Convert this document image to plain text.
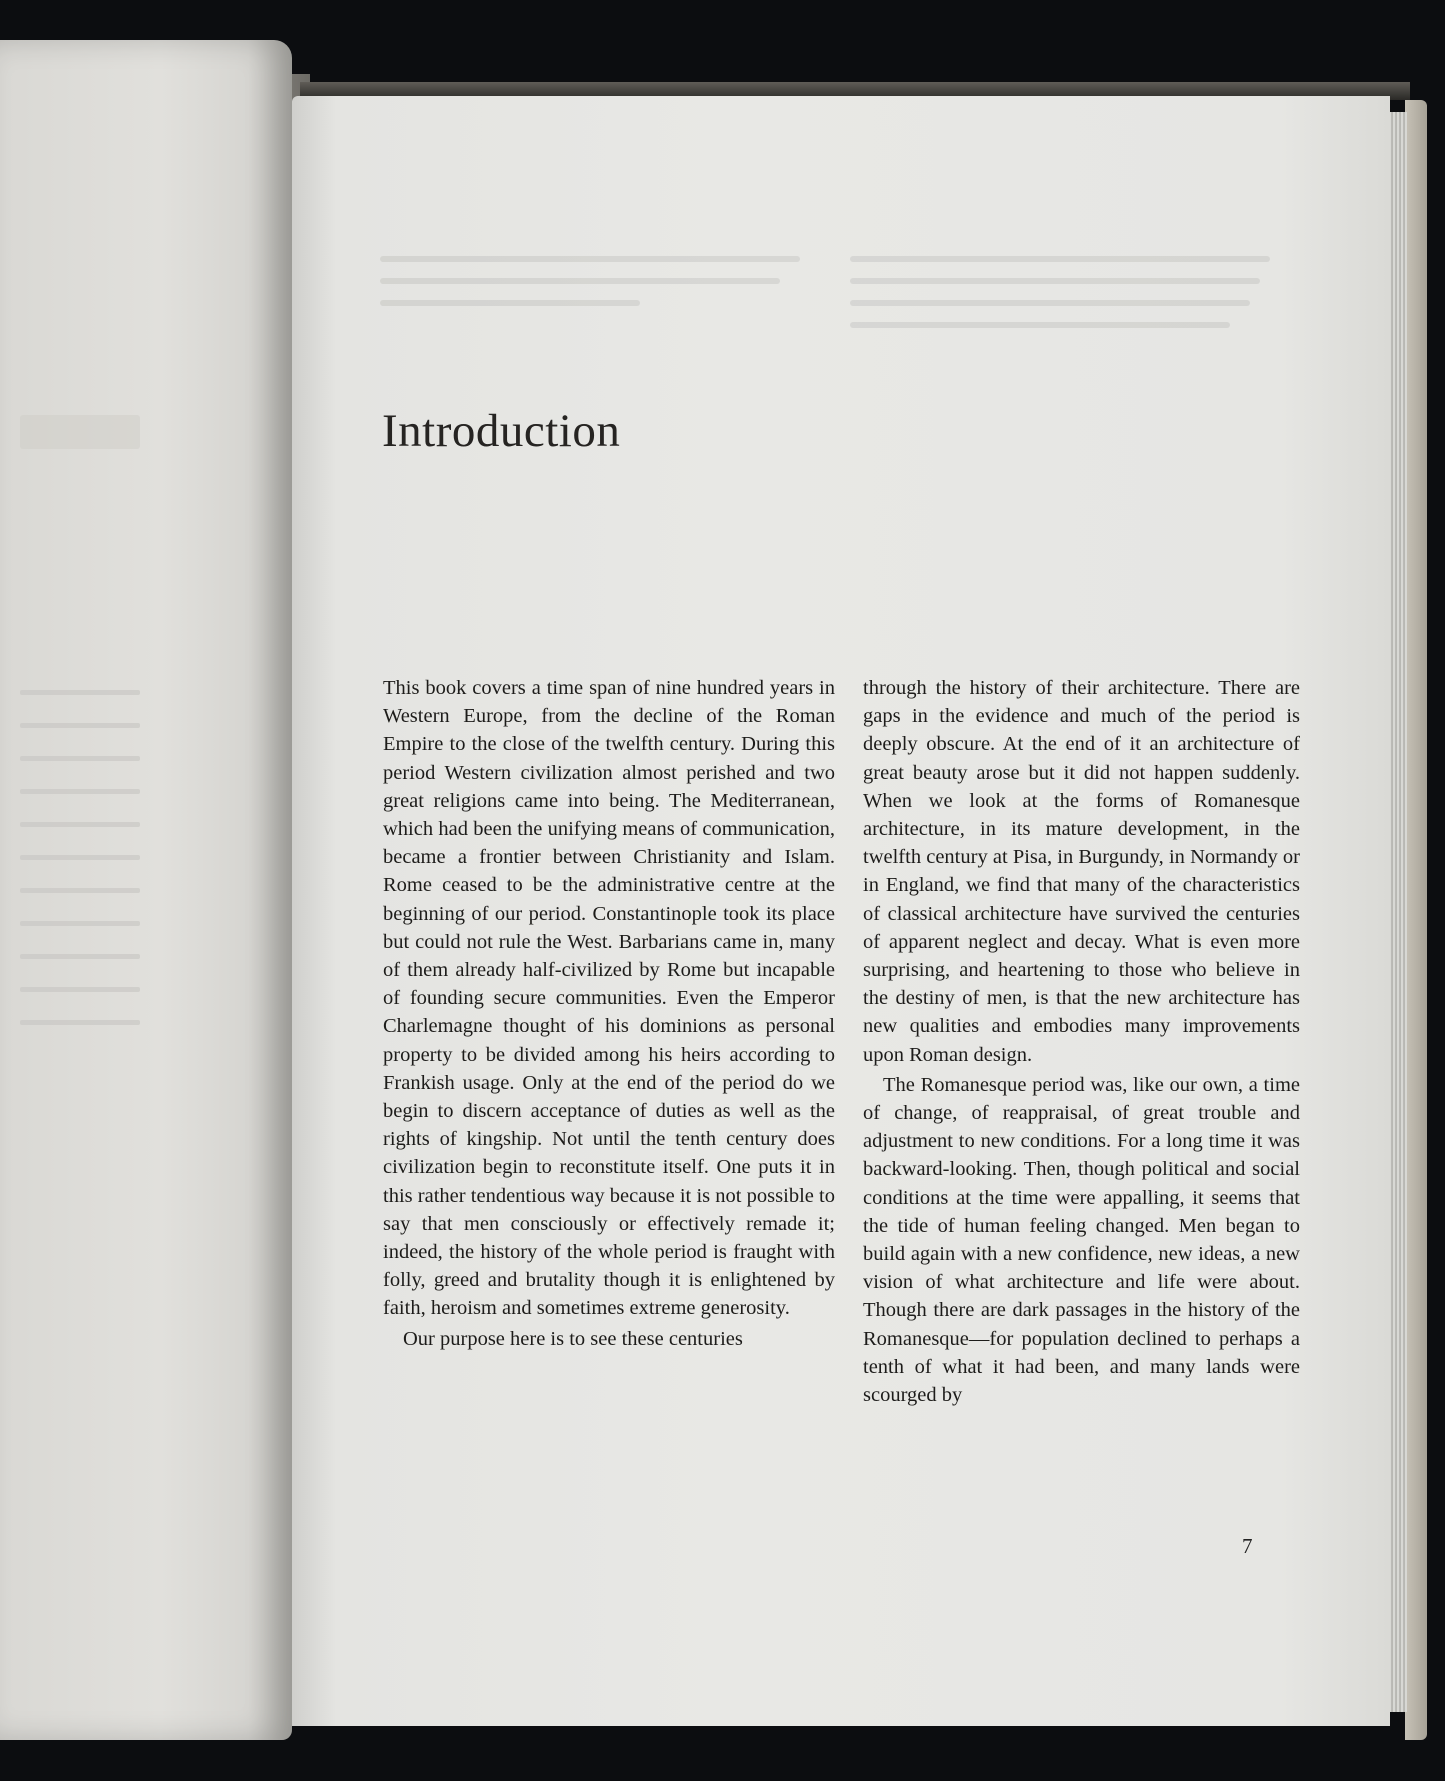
Introduction

This book covers a time span of nine hundred years in Western Europe, from the decline of the Roman Empire to the close of the twelfth century. During this period Western civilization almost perished and two great religions came into being. The Mediterranean, which had been the unifying means of communication, became a frontier between Christianity and Islam. Rome ceased to be the administrative centre at the beginning of our period. Constantinople took its place but could not rule the West. Barbarians came in, many of them already half-civilized by Rome but incapable of founding secure communities. Even the Emperor Charlemagne thought of his dominions as personal property to be divided among his heirs according to Frankish usage. Only at the end of the period do we begin to discern acceptance of duties as well as the rights of kingship. Not until the tenth century does civilization begin to reconstitute itself. One puts it in this rather tendentious way because it is not possible to say that men consciously or effectively remade it; indeed, the history of the whole period is fraught with folly, greed and brutality though it is enlightened by faith, heroism and sometimes extreme generosity.

Our purpose here is to see these centuries

through the history of their architecture. There are gaps in the evidence and much of the period is deeply obscure. At the end of it an architecture of great beauty arose but it did not happen suddenly. When we look at the forms of Romanesque architecture, in its mature development, in the twelfth century at Pisa, in Burgundy, in Normandy or in England, we find that many of the characteristics of classical architecture have survived the centuries of apparent neglect and decay. What is even more surprising, and heartening to those who believe in the destiny of men, is that the new architecture has new qualities and embodies many improvements upon Roman design.

The Romanesque period was, like our own, a time of change, of reappraisal, of great trouble and adjustment to new conditions. For a long time it was backward-looking. Then, though political and social conditions at the time were appalling, it seems that the tide of human feeling changed. Men began to build again with a new confidence, new ideas, a new vision of what architecture and life were about. Though there are dark passages in the history of the Romanesque—for population declined to perhaps a tenth of what it had been, and many lands were scourged by

7
